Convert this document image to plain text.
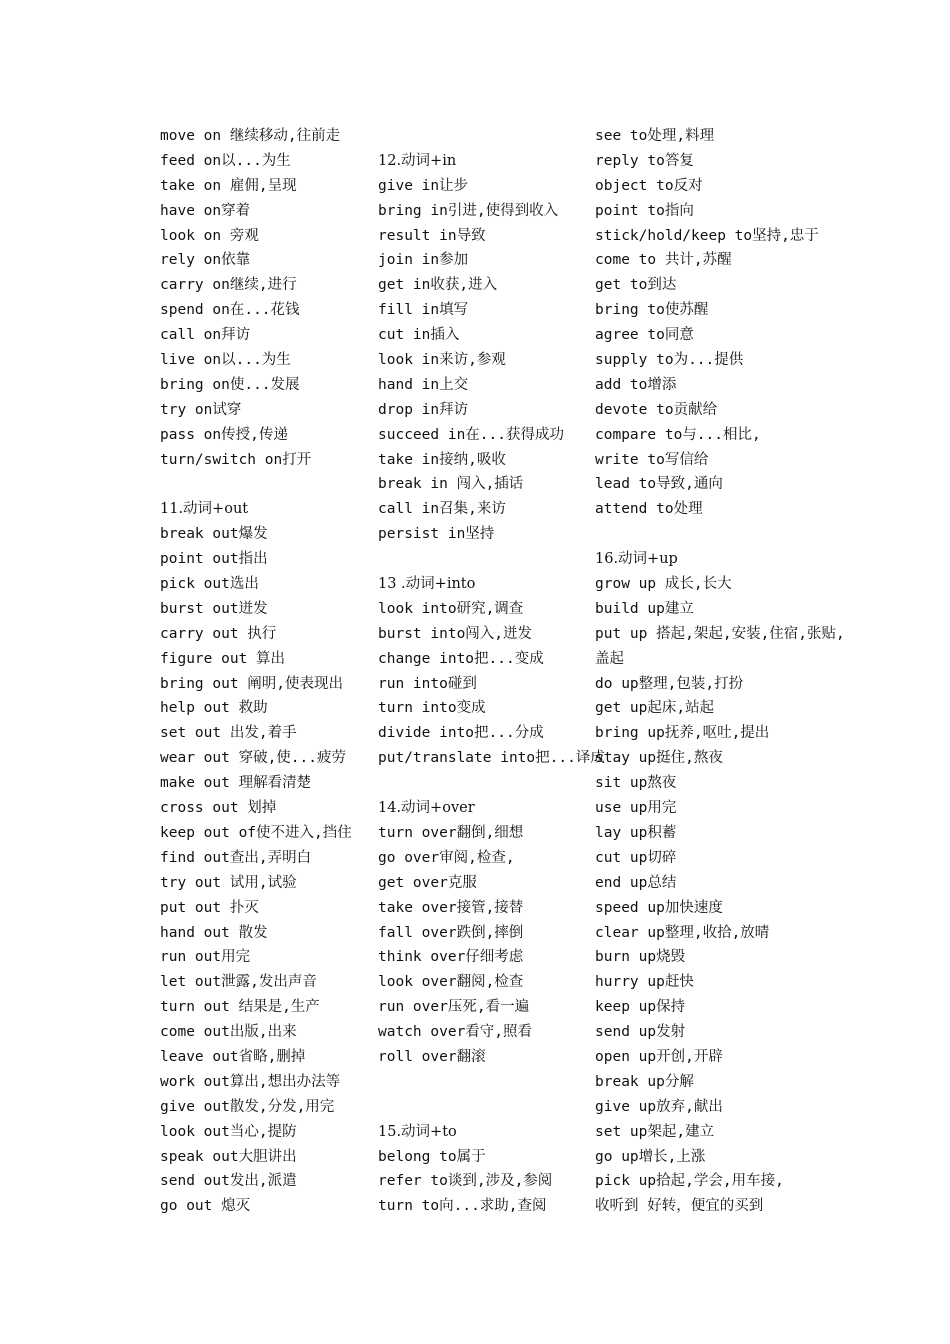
move on 继续移动,往前走
feed on以...为生
take on 雇佣,呈现
have on穿着
look on 旁观
rely on依靠
carry on继续,进行
spend on在...花钱
call on拜访
live on以...为生
bring on使...发展
try on试穿
pass on传授,传递
turn/switch on打开
11.动词+out
break out爆发
point out指出
pick out选出
burst out迸发
carry out 执行
figure out 算出
bring out 阐明,使表现出
help out 救助
set out 出发,着手
wear out 穿破,使...疲劳
make out 理解看清楚
cross out 划掉
keep out of使不进入,挡住
find out查出,弄明白
try out 试用,试验
put out 扑灭
hand out 散发
run out用完
let out泄露,发出声音
turn out 结果是,生产
come out出版,出来
leave out省略,删掉
work out算出,想出办法等
give out散发,分发,用完
look out当心,提防
speak out大胆讲出
send out发出,派遣
go out 熄灭
12.动词+in
give in让步
bring in引进,使得到收入
result in导致
join in参加
get in收获,进入
fill in填写
cut in插入
look in来访,参观
hand in上交
drop in拜访
succeed in在...获得成功
take in接纳,吸收
break in 闯入,插话
call in召集,来访
persist in坚持
13 .动词+into
look into研究,调查
burst into闯入,迸发
change into把...变成
run into碰到
turn into变成
divide into把...分成
put/translate into把...译成
14.动词+over
turn over翻倒,细想
go over审阅,检查,
get over克服
take over接管,接替
fall over跌倒,摔倒
think over仔细考虑
look over翻阅,检查
run over压死,看一遍
watch over看守,照看
roll over翻滚
15.动词+to
belong to属于
refer to谈到,涉及,参阅
turn to向...求助,查阅
see to处理,料理
reply to答复
object to反对
point to指向
stick/hold/keep to坚持,忠于
come to 共计,苏醒
get to到达
bring to使苏醒
agree to同意
supply to为...提供
add to增添
devote to贡献给
compare to与...相比,
write to写信给
lead to导致,通向
attend to处理
16.动词+up
grow up 成长,长大
build up建立
put up 搭起,架起,安装,住宿,张贴,
盖起
do up整理,包装,打扮
get up起床,站起
bring up抚养,呕吐,提出
stay up挺住,熬夜
sit up熬夜
use up用完
lay up积蓄
cut up切碎
end up总结
speed up加快速度
clear up整理,收拾,放晴
burn up烧毁
hurry up赶快
keep up保持
send up发射
open up开创,开辟
break up分解
give up放弃,献出
set up架起,建立
go up增长,上涨
pick up拾起,学会,用车接,
收听到 好转，便宜的买到
